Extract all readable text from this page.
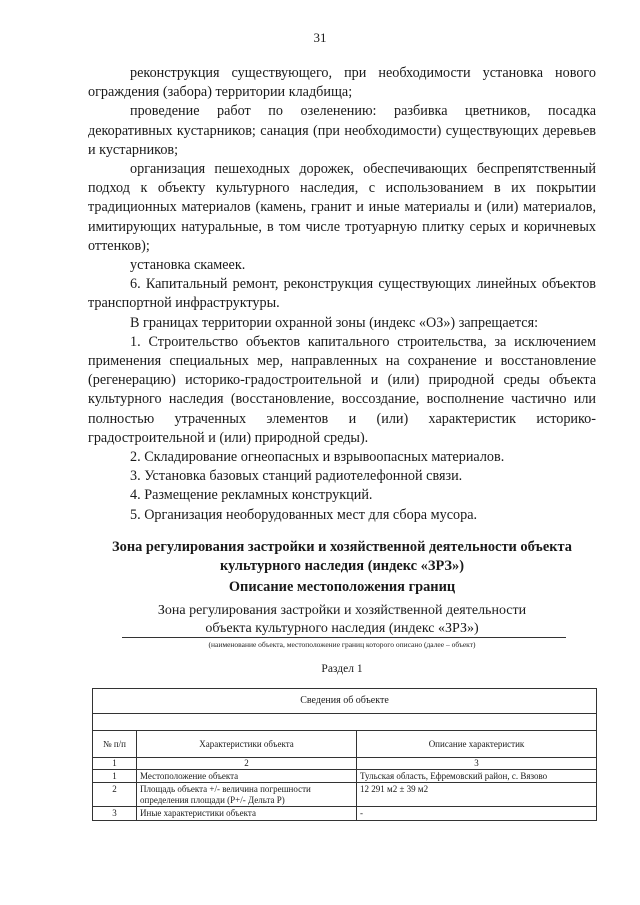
31

реконструкция существующего, при необходимости установка нового ограждения (забора) территории кладбища;

проведение работ по озеленению: разбивка цветников, посадка декоративных кустарников; санация (при необходимости) существующих деревьев и кустарников;

организация пешеходных дорожек, обеспечивающих беспрепятственный подход к объекту культурного наследия, с использованием в их покрытии традиционных материалов (камень, гранит и иные материалы и (или) материалов, имитирующих натуральные, в том числе тротуарную плитку серых и коричневых оттенков);

установка скамеек.

6. Капитальный ремонт, реконструкция существующих линейных объектов транспортной инфраструктуры.

В границах территории охранной зоны (индекс «ОЗ») запрещается:

1. Строительство объектов капитального строительства, за исключением применения специальных мер, направленных на сохранение и восстановление (регенерацию) историко-градостроительной и (или) природной среды объекта культурного наследия (восстановление, воссоздание, восполнение частично или полностью утраченных элементов и (или) характеристик историко-градостроительной и (или) природной среды).

2. Складирование огнеопасных и взрывоопасных материалов.

3. Установка базовых станций радиотелефонной связи.

4. Размещение рекламных конструкций.

5. Организация необорудованных мест для сбора мусора.

Зона регулирования застройки и хозяйственной деятельности объекта культурного наследия (индекс «ЗРЗ»)
Описание местоположения границ
Зона регулирования застройки и хозяйственной деятельности
объекта культурного наследия (индекс «ЗРЗ»)
(наименование объекта, местоположение границ которого описано (далее – объект)
Раздел 1
Сведения об объекте		

№ п/п	Характеристики объекта	Описание характеристик
1	2	3
1	Местоположение объекта	Тульская область, Ефремовский район, с. Вязово
2	Площадь объекта +/- величина погрешности определения площади (Р+/- Дельта Р)	12 291 м2 ± 39 м2
3	Иные характеристики объекта	-
